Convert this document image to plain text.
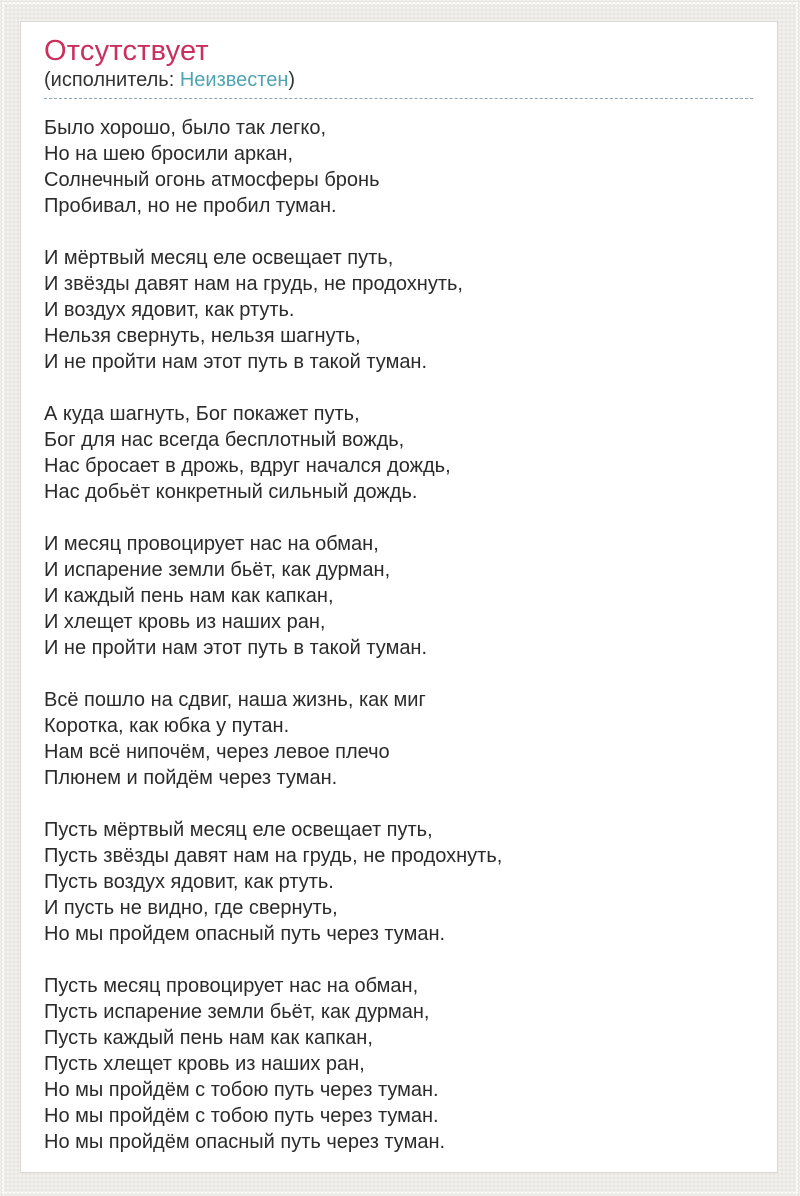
Отсутствует
(исполнитель: Неизвестен)

Было хорошо, было так легко,
Но на шею бросили аркан,
Солнечный огонь атмосферы бронь
Пробивал, но не пробил туман.

И мёртвый месяц еле освещает путь,
И звёзды давят нам на грудь, не продохнуть,
И воздух ядовит, как ртуть.
Нельзя свернуть, нельзя шагнуть,
И не пройти нам этот путь в такой туман.

А куда шагнуть, Бог покажет путь,
Бог для нас всегда бесплотный вождь,
Нас бросает в дрожь, вдруг начался дождь,
Нас добьёт конкретный сильный дождь.

И месяц провоцирует нас на обман,
И испарение земли бьёт, как дурман,
И каждый пень нам как капкан,
И хлещет кровь из наших ран,
И не пройти нам этот путь в такой туман.

Всё пошло на сдвиг, наша жизнь, как миг
Коротка, как юбка у путан.
Нам всё нипочём, через левое плечо
Плюнем и пойдём через туман.

Пусть мёртвый месяц еле освещает путь,
Пусть звёзды давят нам на грудь, не продохнуть,
Пусть воздух ядовит, как ртуть.
И пусть не видно, где свернуть,
Но мы пройдем опасный путь через туман.

Пусть месяц провоцирует нас на обман,
Пусть испарение земли бьёт, как дурман,
Пусть каждый пень нам как капкан,
Пусть хлещет кровь из наших ран,
Но мы пройдём с тобою путь через туман.
Но мы пройдём с тобою путь через туман.
Но мы пройдём опасный путь через туман.
